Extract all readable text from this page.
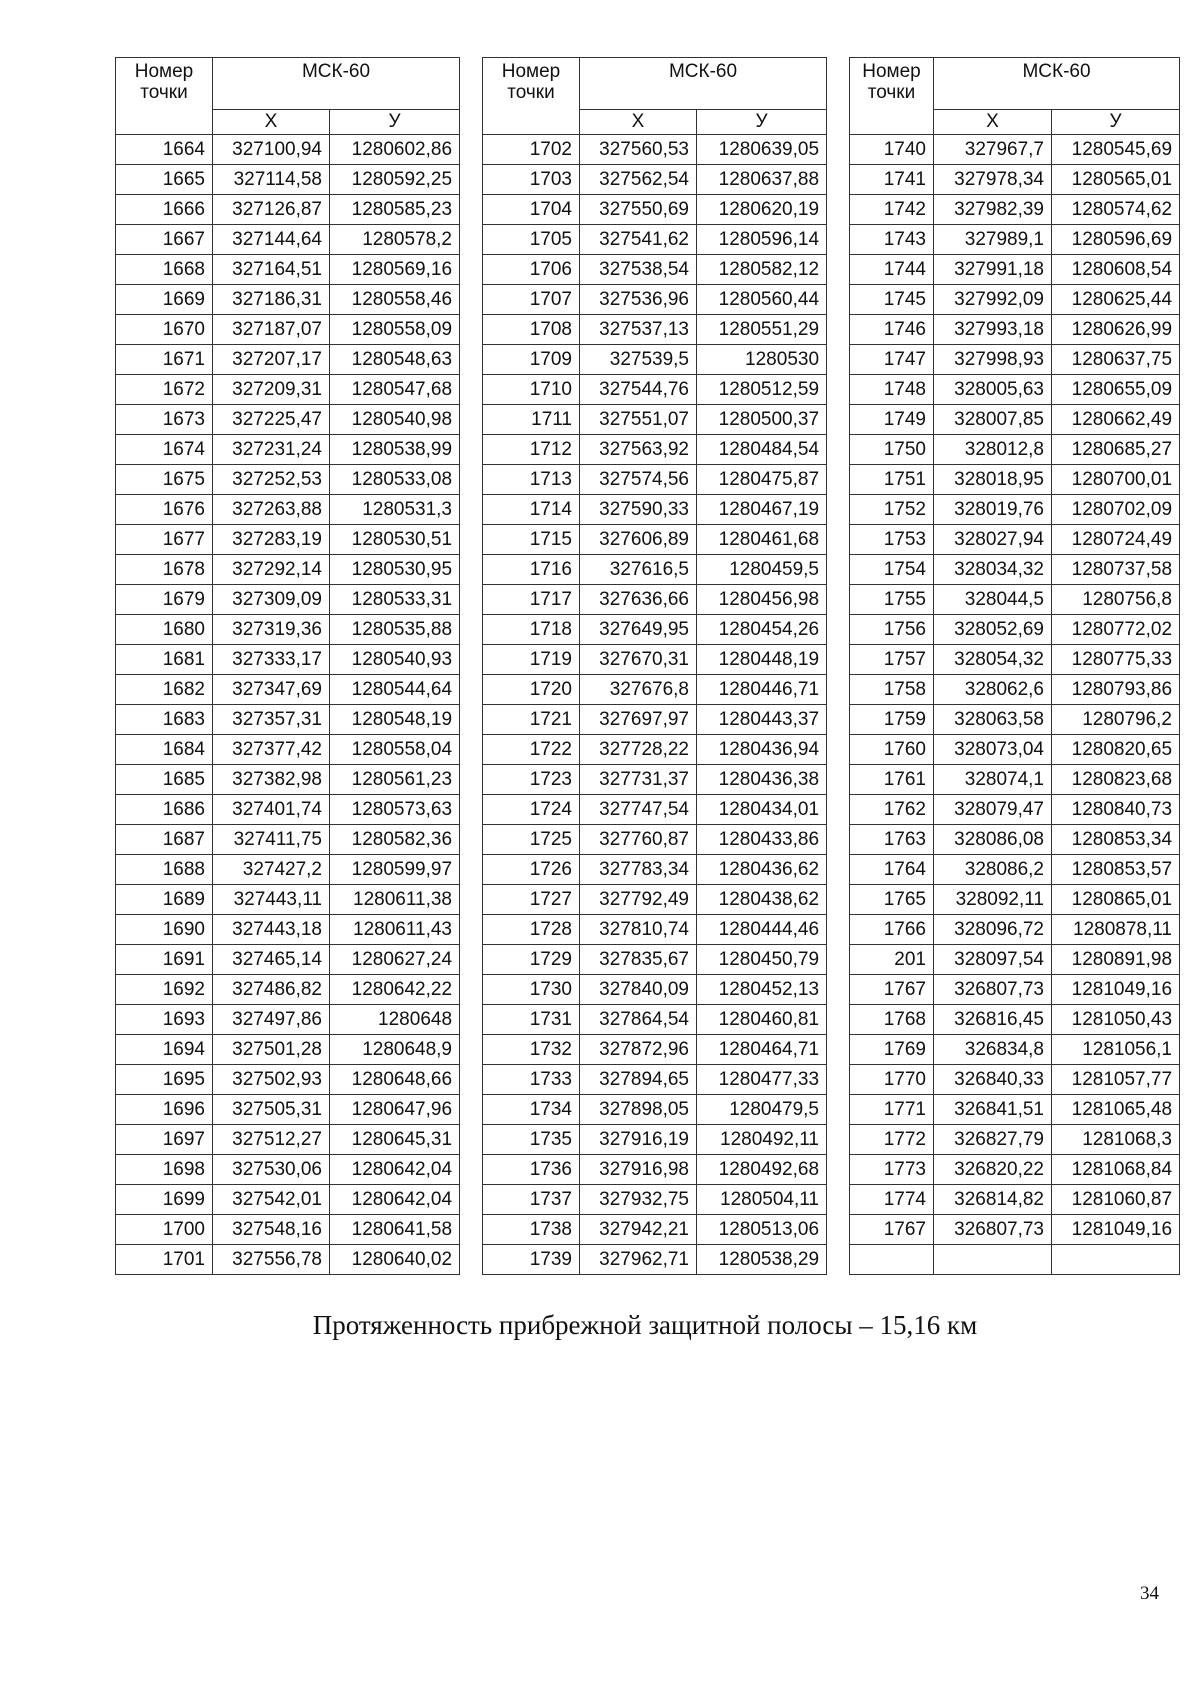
Номер
точки	МСК-60	
	Х	У
1664	327100,94	1280602,86
1665	327114,58	1280592,25
1666	327126,87	1280585,23
1667	327144,64	1280578,2
1668	327164,51	1280569,16
1669	327186,31	1280558,46
1670	327187,07	1280558,09
1671	327207,17	1280548,63
1672	327209,31	1280547,68
1673	327225,47	1280540,98
1674	327231,24	1280538,99
1675	327252,53	1280533,08
1676	327263,88	1280531,3
1677	327283,19	1280530,51
1678	327292,14	1280530,95
1679	327309,09	1280533,31
1680	327319,36	1280535,88
1681	327333,17	1280540,93
1682	327347,69	1280544,64
1683	327357,31	1280548,19
1684	327377,42	1280558,04
1685	327382,98	1280561,23
1686	327401,74	1280573,63
1687	327411,75	1280582,36
1688	327427,2	1280599,97
1689	327443,11	1280611,38
1690	327443,18	1280611,43
1691	327465,14	1280627,24
1692	327486,82	1280642,22
1693	327497,86	1280648
1694	327501,28	1280648,9
1695	327502,93	1280648,66
1696	327505,31	1280647,96
1697	327512,27	1280645,31
1698	327530,06	1280642,04
1699	327542,01	1280642,04
1700	327548,16	1280641,58
1701	327556,78	1280640,02
Номер
точки	МСК-60	
	Х	У
1702	327560,53	1280639,05
1703	327562,54	1280637,88
1704	327550,69	1280620,19
1705	327541,62	1280596,14
1706	327538,54	1280582,12
1707	327536,96	1280560,44
1708	327537,13	1280551,29
1709	327539,5	1280530
1710	327544,76	1280512,59
1711	327551,07	1280500,37
1712	327563,92	1280484,54
1713	327574,56	1280475,87
1714	327590,33	1280467,19
1715	327606,89	1280461,68
1716	327616,5	1280459,5
1717	327636,66	1280456,98
1718	327649,95	1280454,26
1719	327670,31	1280448,19
1720	327676,8	1280446,71
1721	327697,97	1280443,37
1722	327728,22	1280436,94
1723	327731,37	1280436,38
1724	327747,54	1280434,01
1725	327760,87	1280433,86
1726	327783,34	1280436,62
1727	327792,49	1280438,62
1728	327810,74	1280444,46
1729	327835,67	1280450,79
1730	327840,09	1280452,13
1731	327864,54	1280460,81
1732	327872,96	1280464,71
1733	327894,65	1280477,33
1734	327898,05	1280479,5
1735	327916,19	1280492,11
1736	327916,98	1280492,68
1737	327932,75	1280504,11
1738	327942,21	1280513,06
1739	327962,71	1280538,29
Номер
точки	МСК-60	
	Х	У
1740	327967,7	1280545,69
1741	327978,34	1280565,01
1742	327982,39	1280574,62
1743	327989,1	1280596,69
1744	327991,18	1280608,54
1745	327992,09	1280625,44
1746	327993,18	1280626,99
1747	327998,93	1280637,75
1748	328005,63	1280655,09
1749	328007,85	1280662,49
1750	328012,8	1280685,27
1751	328018,95	1280700,01
1752	328019,76	1280702,09
1753	328027,94	1280724,49
1754	328034,32	1280737,58
1755	328044,5	1280756,8
1756	328052,69	1280772,02
1757	328054,32	1280775,33
1758	328062,6	1280793,86
1759	328063,58	1280796,2
1760	328073,04	1280820,65
1761	328074,1	1280823,68
1762	328079,47	1280840,73
1763	328086,08	1280853,34
1764	328086,2	1280853,57
1765	328092,11	1280865,01
1766	328096,72	1280878,11
201	328097,54	1280891,98
1767	326807,73	1281049,16
1768	326816,45	1281050,43
1769	326834,8	1281056,1
1770	326840,33	1281057,77
1771	326841,51	1281065,48
1772	326827,79	1281068,3
1773	326820,22	1281068,84
1774	326814,82	1281060,87
1767	326807,73	1281049,16

Протяженность прибрежной защитной полосы – 15,16 км
34
